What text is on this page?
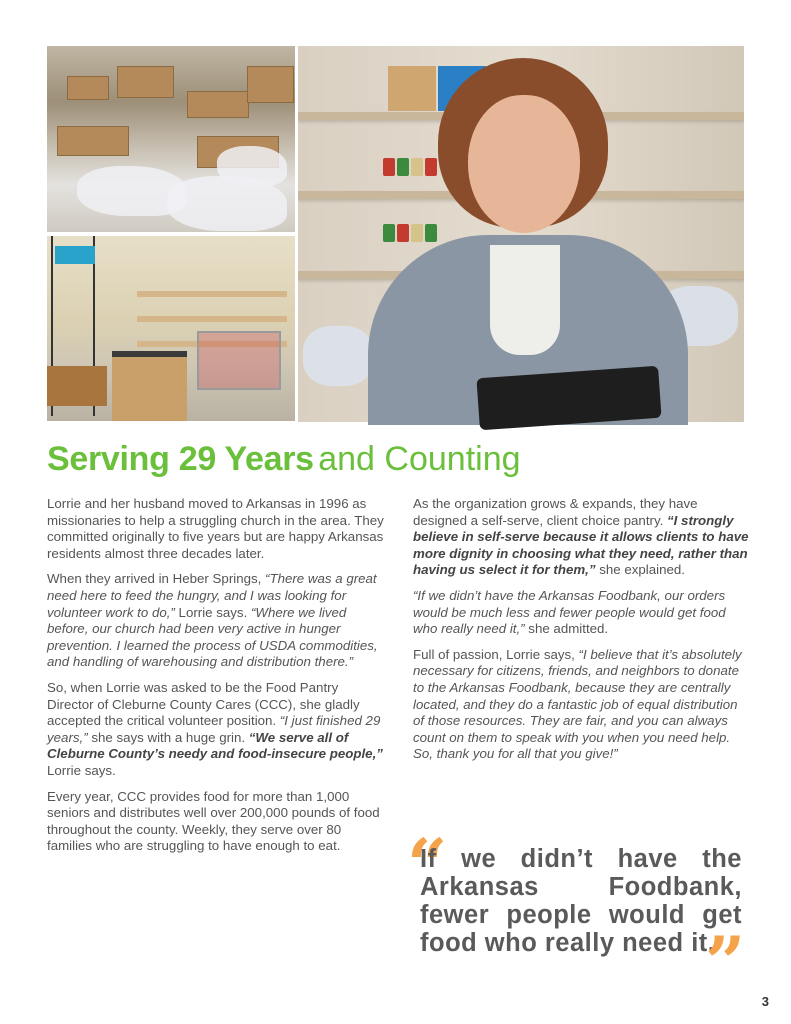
Serving 29 Years and Counting

Lorrie and her husband moved to Arkansas in 1996 as missionaries to help a struggling church in the area. They committed originally to five years but are happy Arkansas residents almost three decades later.

When they arrived in Heber Springs, “There was a great need here to feed the hungry, and I was looking for volunteer work to do,” Lorrie says. “Where we lived before, our church had been very active in hunger prevention. I learned the process of USDA commodities, and handling of warehousing and distribution there.”

So, when Lorrie was asked to be the Food Pantry Director of Cleburne County Cares (CCC), she gladly accepted the critical volunteer position. “I just finished 29 years,” she says with a huge grin. “We serve all of Cleburne County’s needy and food-insecure people,” Lorrie says.

Every year, CCC provides food for more than 1,000 seniors and distributes well over 200,000 pounds of food throughout the county. Weekly, they serve over 80 families who are struggling to have enough to eat.

As the organization grows & expands, they have designed a self-serve, client choice pantry. “I strongly believe in self-serve because it allows clients to have more dignity in choosing what they need, rather than having us select it for them,” she explained.

“If we didn’t have the Arkansas Foodbank, our orders would be much less and fewer people would get food who really need it,” she admitted.

Full of passion, Lorrie says, “I believe that it’s absolutely necessary for citizens, friends, and neighbors to donate to the Arkansas Foodbank, because they are centrally located, and they do a fantastic job of equal distribution of those resources. They are fair, and you can always count on them to speak with you when you need help. So, thank you for all that you give!”

“

If we didn’t have the Arkansas Foodbank, fewer people would get food who really need it.

” 3
